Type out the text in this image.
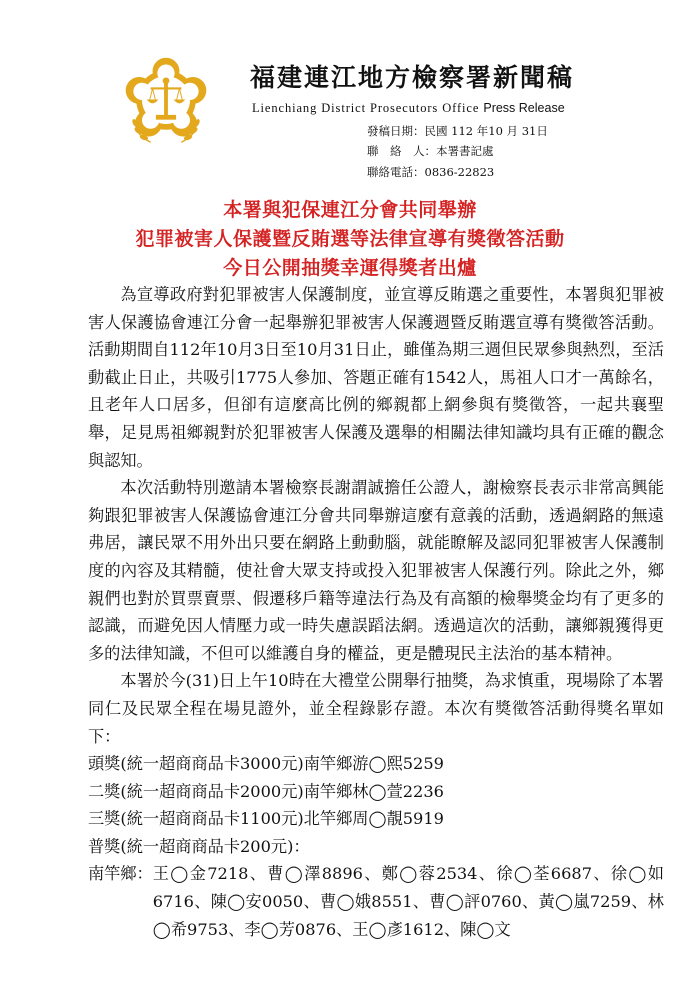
福建連江地方檢察署新聞稿
Lienchiang District Prosecutors Office Press Release
發稿日期：民國 112 年10 月 31日
聯　絡　人：本署書記處
聯絡電話：0836-22823
本署與犯保連江分會共同舉辦
犯罪被害人保護暨反賄選等法律宣導有獎徵答活動
今日公開抽獎幸運得獎者出爐

為宣導政府對犯罪被害人保護制度，並宣導反賄選之重要性，本署與犯罪被害人保護協會連江分會一起舉辦犯罪被害人保護週暨反賄選宣導有獎徵答活動。活動期間自112年10月3日至10月31日止，雖僅為期三週但民眾參與熱烈，至活動截止日止，共吸引1775人參加、答題正確有1542人，馬祖人口才一萬餘名，且老年人口居多，但卻有這麼高比例的鄉親都上網參與有獎徵答，一起共襄聖舉，足見馬祖鄉親對於犯罪被害人保護及選舉的相關法律知識均具有正確的觀念與認知。

本次活動特別邀請本署檢察長謝謂誠擔任公證人，謝檢察長表示非常高興能夠跟犯罪被害人保護協會連江分會共同舉辦這麼有意義的活動，透過網路的無遠弗居，讓民眾不用外出只要在網路上動動腦，就能瞭解及認同犯罪被害人保護制度的內容及其精髓，使社會大眾支持或投入犯罪被害人保護行列。除此之外，鄉親們也對於買票賣票、假遷移戶籍等違法行為及有高額的檢舉獎金均有了更多的認識，而避免因人情壓力或一時失慮誤蹈法網。透過這次的活動，讓鄉親獲得更多的法律知識，不但可以維護自身的權益，更是體現民主法治的基本精神。

本署於今(31)日上午10時在大禮堂公開舉行抽獎，為求慎重，現場除了本署同仁及民眾全程在場見證外，並全程錄影存證。本次有獎徵答活動得獎名單如下：

頭獎(統一超商商品卡3000元)南竿鄉游◯熙5259

二獎(統一超商商品卡2000元)南竿鄉林◯萱2236

三獎(統一超商商品卡1100元)北竿鄉周◯靚5919

普獎(統一超商商品卡200元)：

南竿鄉： 王◯金7218、曹◯澤8896、鄭◯蓉2534、徐◯荃6687、徐◯如6716、陳◯安0050、曹◯娥8551、曹◯評0760、黃◯嵐7259、林◯希9753、李◯芳0876、王◯彥1612、陳◯文
